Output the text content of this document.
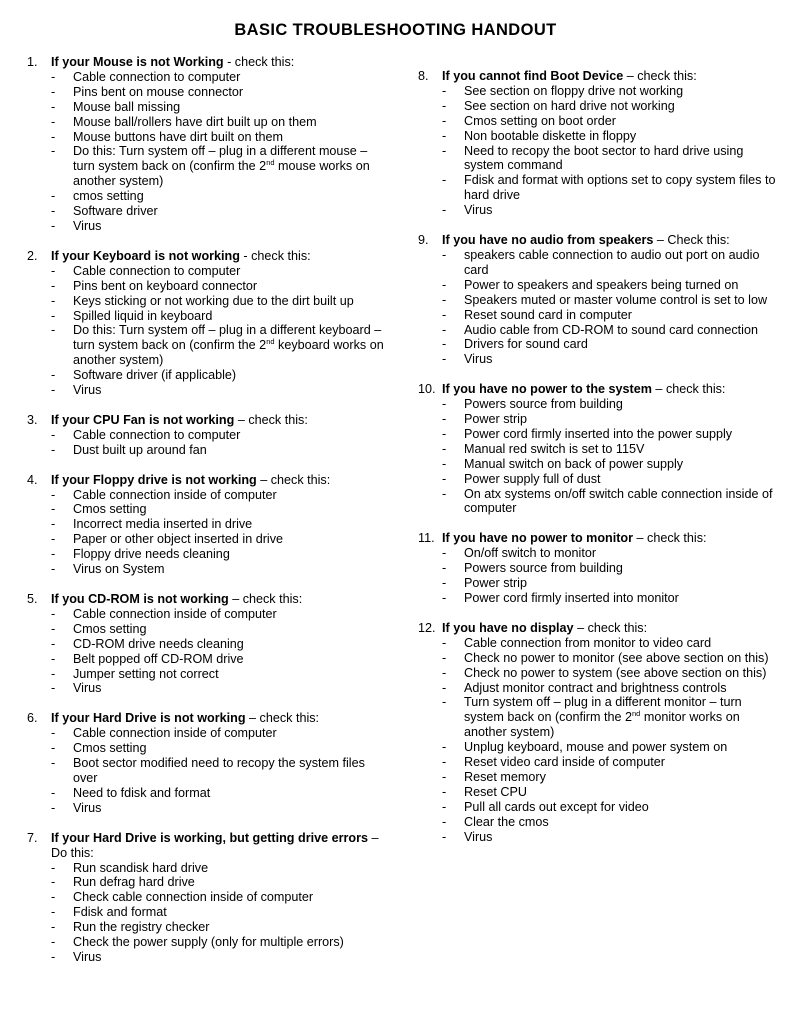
BASIC TROUBLESHOOTING HANDOUT
1.	If your Mouse is not Working - check this:
-	Cable connection to computer
-	Pins bent on mouse connector
-	Mouse ball missing
-	Mouse ball/rollers have dirt built up on them
-	Mouse buttons have dirt built on them
-	Do this: Turn system off – plug in a different mouse – turn system back on (confirm the 2nd mouse works on another system)
-	cmos setting
-	Software driver
-	Virus
2.	If your Keyboard is not working - check this:
-	Cable connection to computer
-	Pins bent on keyboard connector
-	Keys sticking or not working due to the dirt built up
-	Spilled liquid in keyboard
-	Do this: Turn system off – plug in a different keyboard – turn system back on (confirm the 2nd keyboard works on another system)
-	Software driver (if applicable)
-	Virus
3.	If your CPU Fan is not working – check this:
-	Cable connection to computer
-	Dust built up around fan
4.	If your Floppy drive is not working – check this:
-	Cable connection inside of computer
-	Cmos setting
-	Incorrect media inserted in drive
-	Paper or other object inserted in drive
-	Floppy drive needs cleaning
-	Virus on System
5.	If you CD-ROM is not working – check this:
-	Cable connection inside of computer
-	Cmos setting
-	CD-ROM drive needs cleaning
-	Belt popped off CD-ROM drive
-	Jumper setting not correct
-	Virus
6.	If your Hard Drive is not working – check this:
-	Cable connection inside of computer
-	Cmos setting
-	Boot sector modified need to recopy the system files over
-	Need to fdisk and format
-	Virus
7.	If your Hard Drive is working, but getting drive errors – Do this:
-	Run scandisk hard drive
-	Run defrag hard drive
-	Check cable connection inside of computer
-	Fdisk and format
-	Run the registry checker
-	Check the power supply (only for multiple errors)
-	Virus
8.	If you cannot find Boot Device – check this:
-	See section on floppy drive not working
-	See section on hard drive not working
-	Cmos setting on boot order
-	Non bootable diskette in floppy
-	Need to recopy the boot sector to hard drive using system command
-	Fdisk and format with options set to copy system files to hard drive
-	Virus
9.	If you have no audio from speakers – Check this:
-	speakers cable connection to audio out port on audio card
-	Power to speakers and speakers being turned on
-	Speakers muted or master volume control is set to low
-	Reset sound card in computer
-	Audio cable from CD-ROM to sound card connection
-	Drivers for sound card
-	Virus
10. If you have no power to the system – check this:
-	Powers source from building
-	Power strip
-	Power cord firmly inserted into the power supply
-	Manual red switch is set to 115V
-	Manual switch on back of power supply
-	Power supply full of dust
-	On atx systems on/off switch cable connection inside of computer
11. If you have no power to monitor – check this:
-	On/off switch to monitor
-	Powers source from building
-	Power strip
-	Power cord firmly inserted into monitor
12. If you have no display – check this:
-	Cable connection from monitor to video card
-	Check no power to monitor (see above section on this)
-	Check no power to system (see above section on this)
-	Adjust monitor contract and brightness controls
-	Turn system off – plug in a different monitor – turn system back on (confirm the 2nd monitor works on another system)
-	Unplug keyboard, mouse and power system on
-	Reset video card inside of computer
-	Reset memory
-	Reset CPU
-	Pull all cards out except for video
-	Clear the cmos
-	Virus
